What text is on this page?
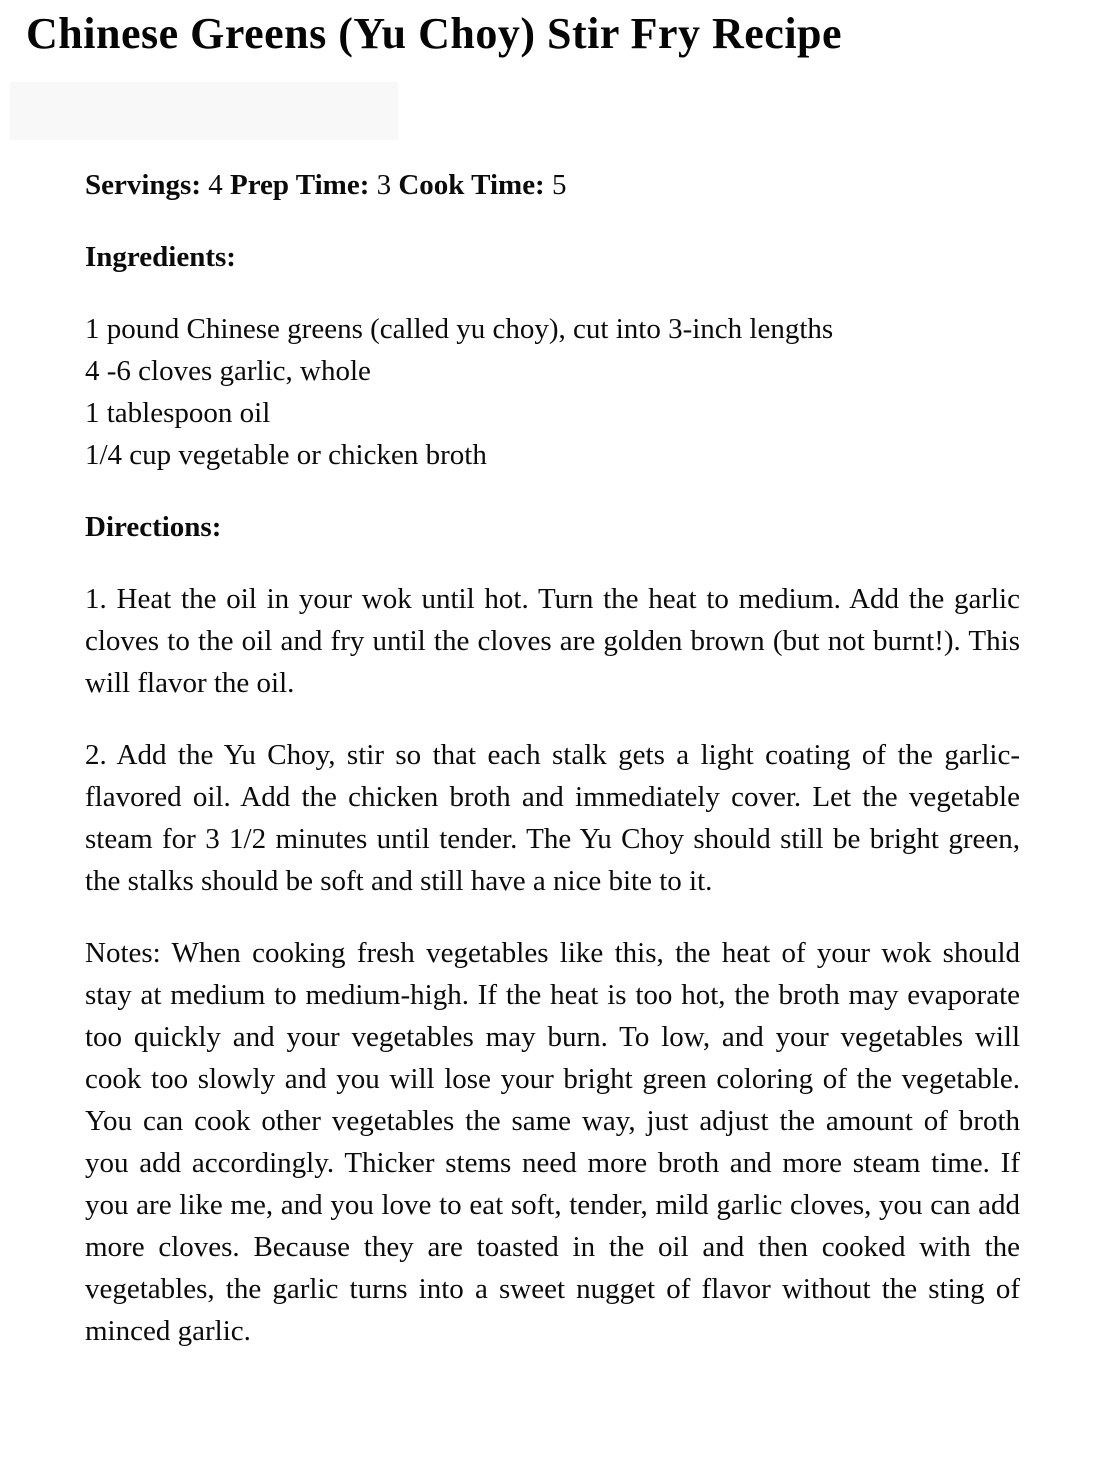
Chinese Greens (Yu Choy) Stir Fry Recipe

Servings: 4 Prep Time: 3 Cook Time: 5

Ingredients:
1 pound Chinese greens (called yu choy), cut into 3-inch lengths
4 -6 cloves garlic, whole
1 tablespoon oil
1/4 cup vegetable or chicken broth
Directions:

1. Heat the oil in your wok until hot. Turn the heat to medium. Add the garlic cloves to the oil and fry until the cloves are golden brown (but not burnt!). This will flavor the oil.

2. Add the Yu Choy, stir so that each stalk gets a light coating of the garlic-flavored oil. Add the chicken broth and immediately cover. Let the vegetable steam for 3 1/2 minutes until tender. The Yu Choy should still be bright green, the stalks should be soft and still have a nice bite to it.

Notes: When cooking fresh vegetables like this, the heat of your wok should stay at medium to medium-high. If the heat is too hot, the broth may evaporate too quickly and your vegetables may burn. To low, and your vegetables will cook too slowly and you will lose your bright green coloring of the vegetable. You can cook other vegetables the same way, just adjust the amount of broth you add accordingly. Thicker stems need more broth and more steam time. If you are like me, and you love to eat soft, tender, mild garlic cloves, you can add more cloves. Because they are toasted in the oil and then cooked with the vegetables, the garlic turns into a sweet nugget of flavor without the sting of minced garlic.
